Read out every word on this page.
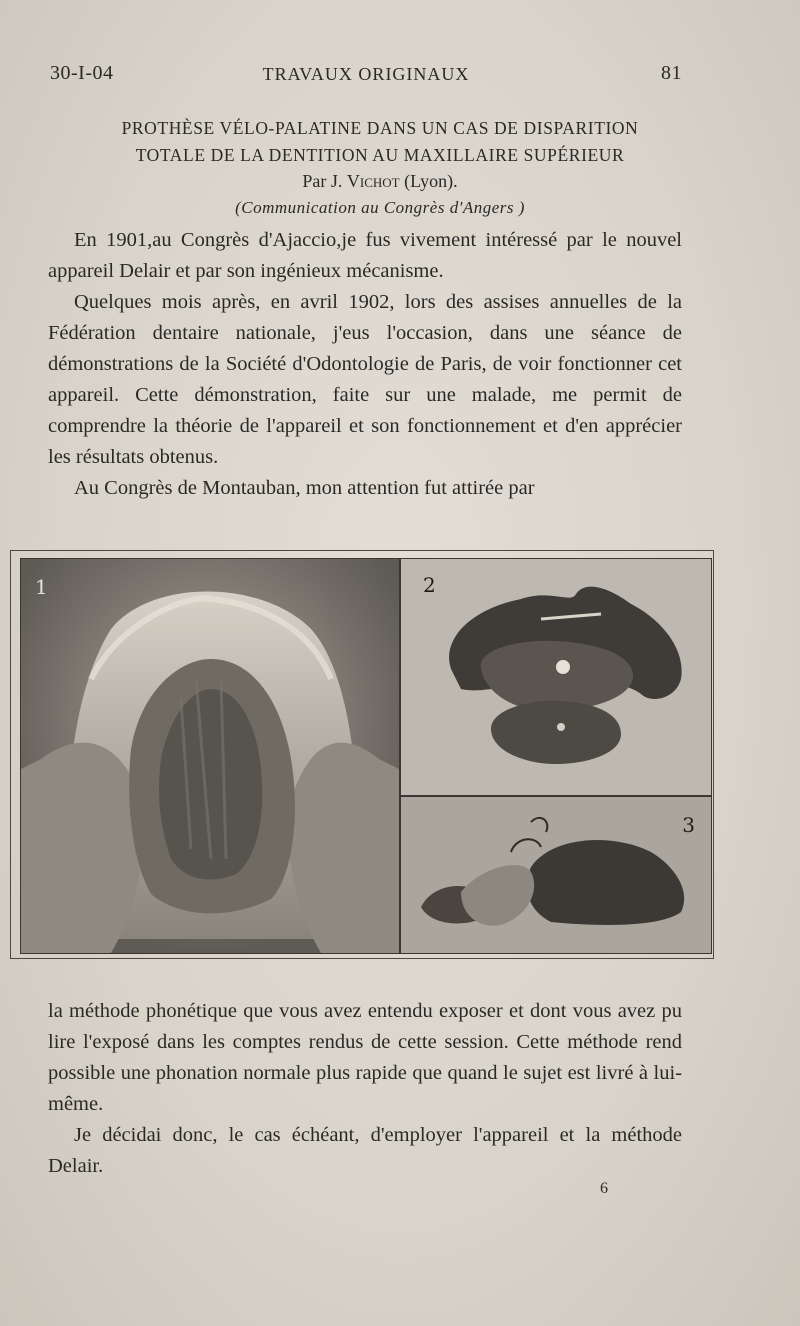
30-I-04	TRAVAUX ORIGINAUX	81
PROTHÈSE VÉLO-PALATINE DANS UN CAS DE DISPARITION
TOTALE DE LA DENTITION AU MAXILLAIRE SUPÉRIEUR
Par J. Vichot (Lyon).
(Communication au Congrès d'Angers )

En 1901,au Congrès d'Ajaccio,je fus vivement intéressé par le nouvel appareil Delair et par son ingénieux mécanisme.

Quelques mois après, en avril 1902, lors des assises annuelles de la Fédération dentaire nationale, j'eus l'occasion, dans une séance de démonstrations de la Société d'Odontologie de Paris, de voir fonctionner cet appareil. Cette démonstration, faite sur une malade, me permit de comprendre la théorie de l'appareil et son fonctionnement et d'en apprécier les résultats obtenus.

Au Congrès de Montauban, mon attention fut attirée par

1	2
3

la méthode phonétique que vous avez entendu exposer et dont vous avez pu lire l'exposé dans les comptes rendus de cette session. Cette méthode rend possible une phonation normale plus rapide que quand le sujet est livré à lui-même.

Je décidai donc, le cas échéant, d'employer l'appareil et la méthode Delair.

6
